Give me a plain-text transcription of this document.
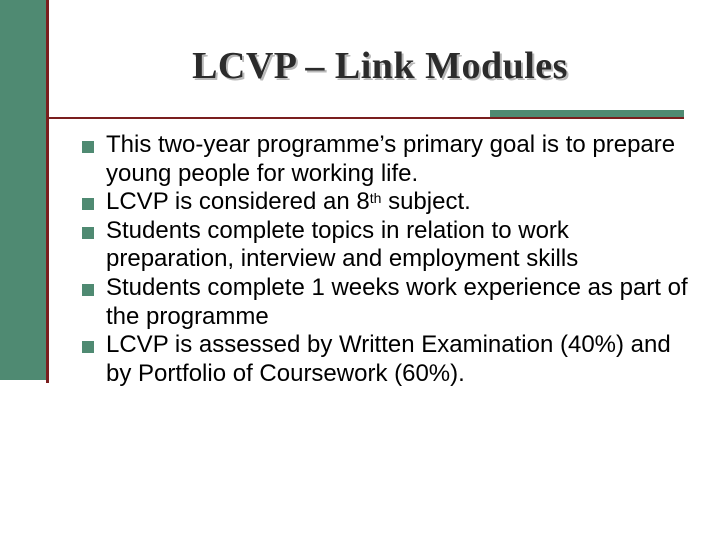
LCVP – Link Modules
This two-year programme’s primary goal is to prepare young people for working life.
LCVP is considered an 8th subject.
Students complete topics in relation to work preparation, interview and employment skills
Students complete 1 weeks work experience as part of the programme
LCVP is assessed by Written Examination (40%) and by Portfolio of Coursework (60%).
